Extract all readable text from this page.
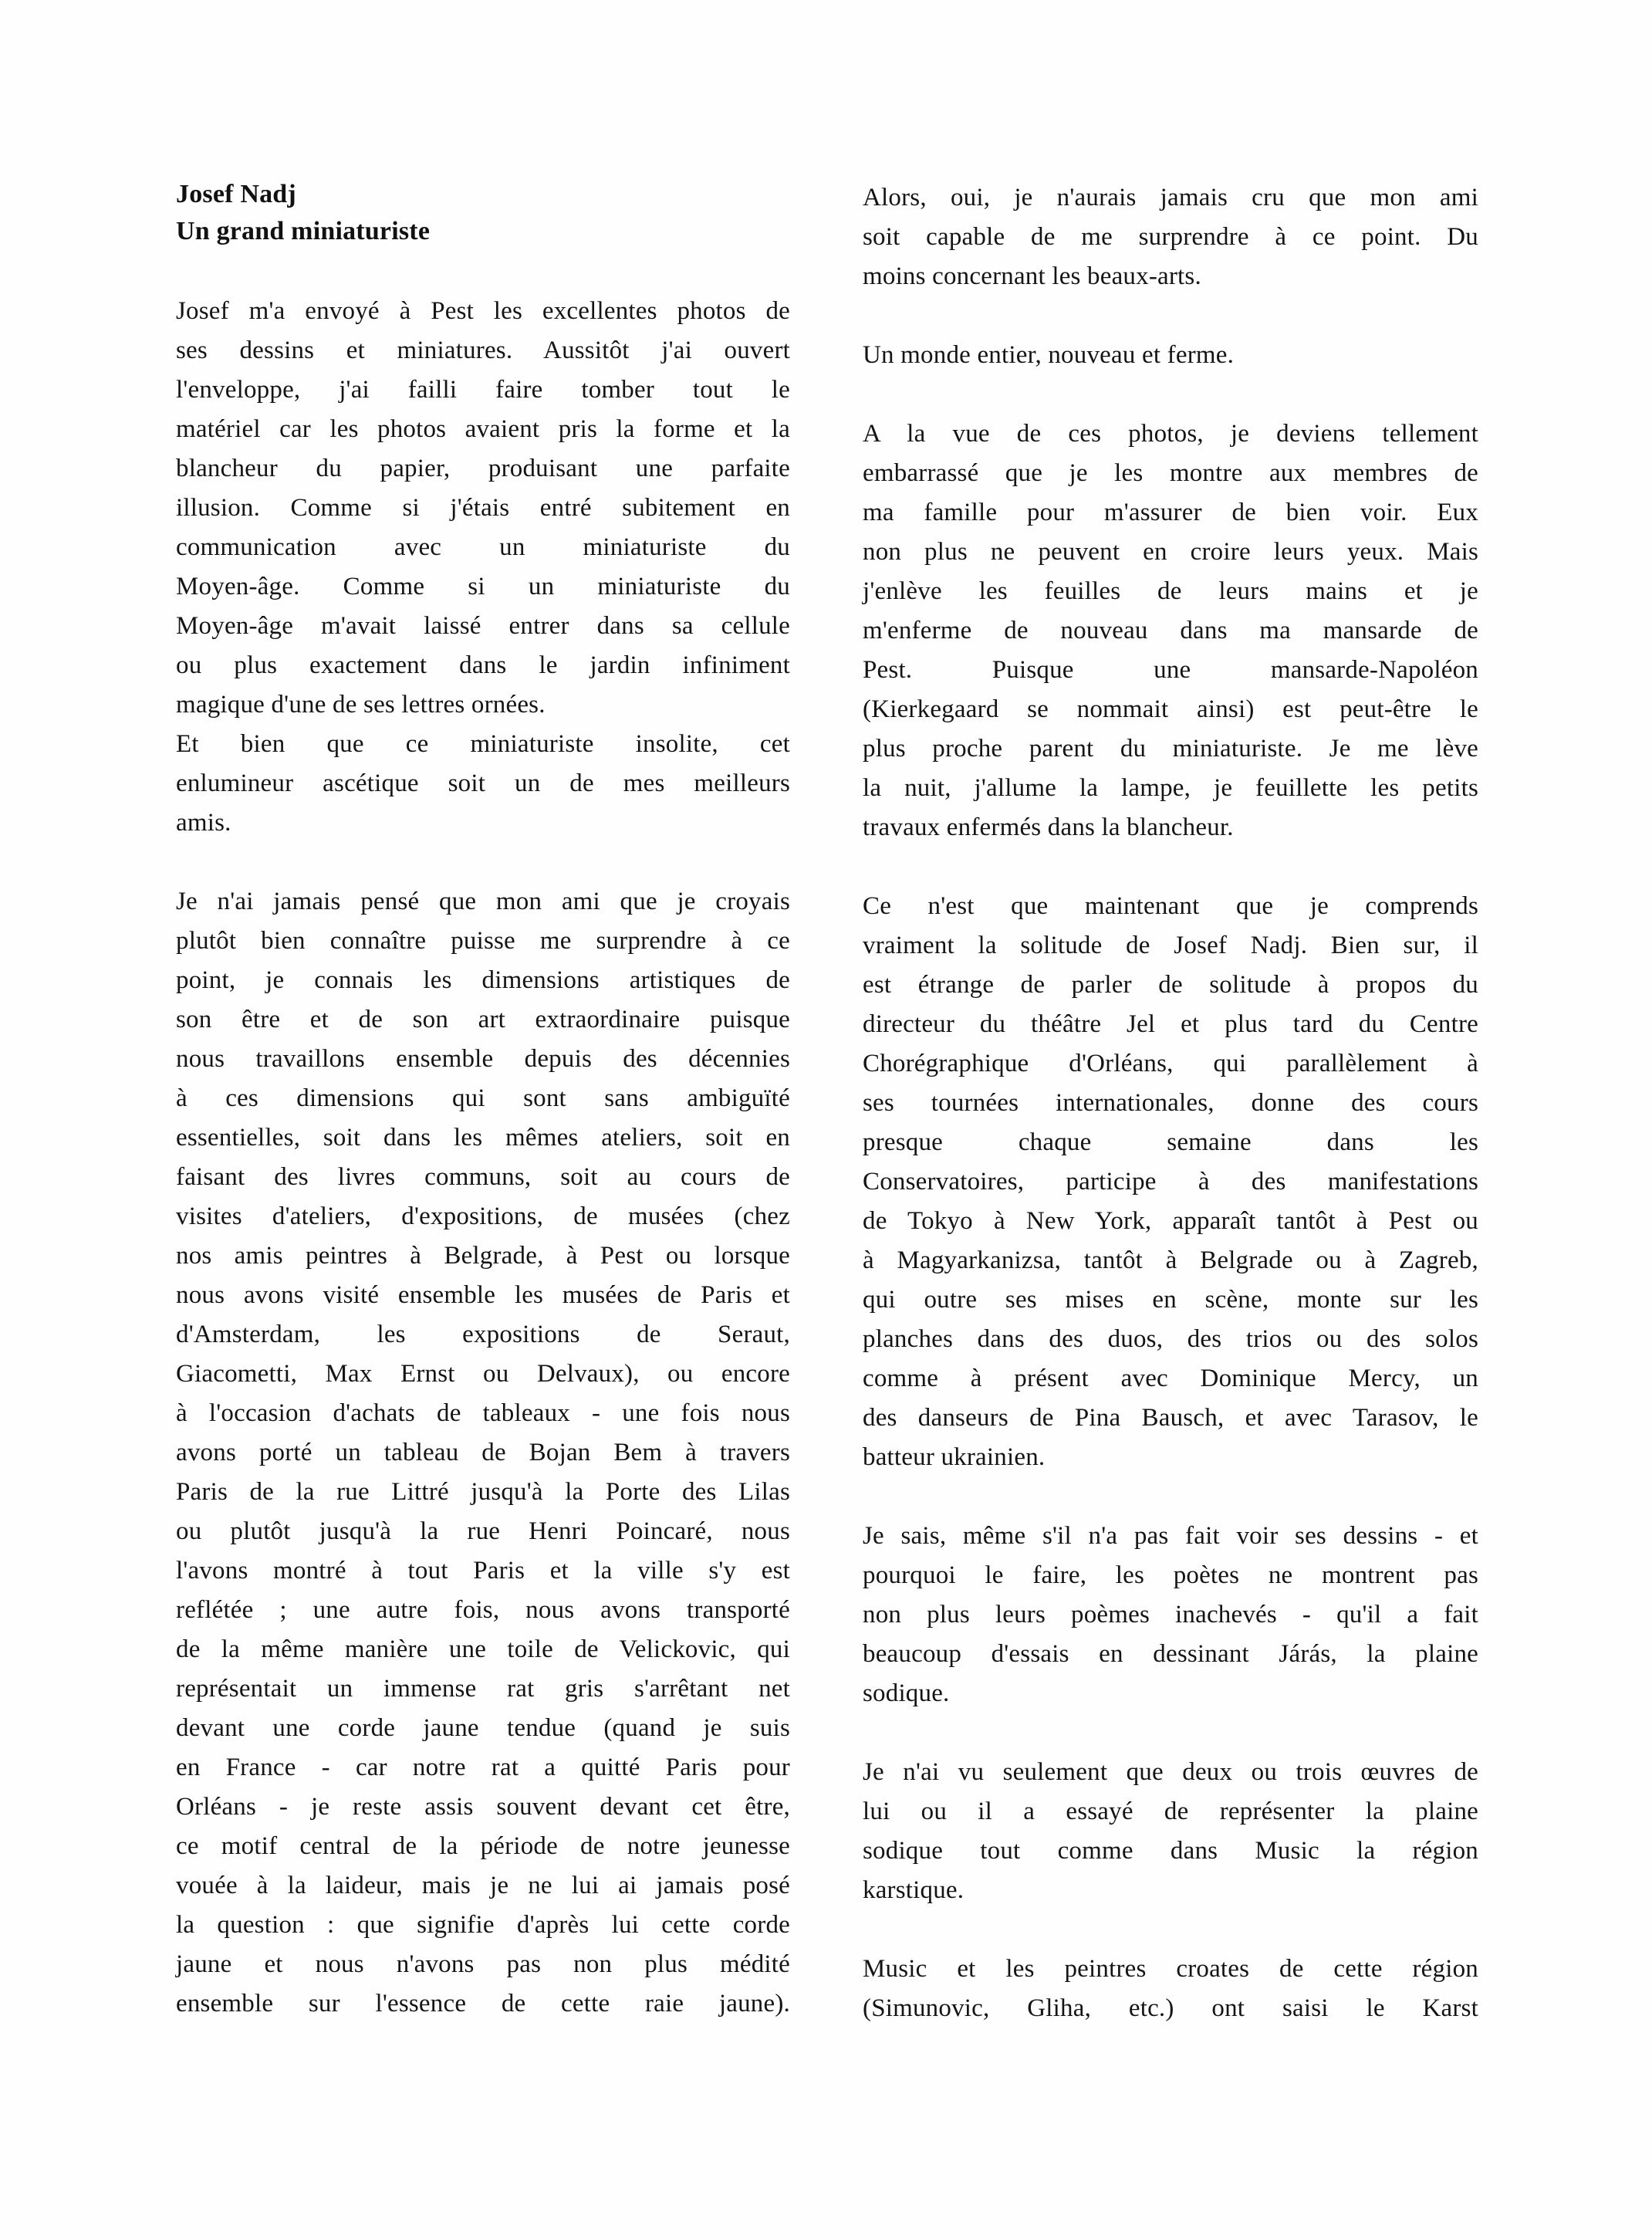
Josef Nadj

Un grand miniaturiste

Josef m'a envoyé à Pest les excellentes photos de
ses dessins et miniatures. Aussitôt j'ai ouvert
l'enveloppe, j'ai failli faire tomber tout le
matériel car les photos avaient pris la forme et la
blancheur du papier, produisant une parfaite
illusion. Comme si j'étais entré subitement en
communication avec un miniaturiste du
Moyen-âge. Comme si un miniaturiste du
Moyen-âge m'avait laissé entrer dans sa cellule
ou plus exactement dans le jardin infiniment
magique d'une de ses lettres ornées.
Et bien que ce miniaturiste insolite, cet
enlumineur ascétique soit un de mes meilleurs
amis.
Je n'ai jamais pensé que mon ami que je croyais
plutôt bien connaître puisse me surprendre à ce
point, je connais les dimensions artistiques de
son être et de son art extraordinaire puisque
nous travaillons ensemble depuis des décennies
à ces dimensions qui sont sans ambiguïté
essentielles, soit dans les mêmes ateliers, soit en
faisant des livres communs, soit au cours de
visites d'ateliers, d'expositions, de musées (chez
nos amis peintres à Belgrade, à Pest ou lorsque
nous avons visité ensemble les musées de Paris et
d'Amsterdam, les expositions de Seraut,
Giacometti, Max Ernst ou Delvaux), ou encore
à l'occasion d'achats de tableaux - une fois nous
avons porté un tableau de Bojan Bem à travers
Paris de la rue Littré jusqu'à la Porte des Lilas
ou plutôt jusqu'à la rue Henri Poincaré, nous
l'avons montré à tout Paris et la ville s'y est
reflétée ; une autre fois, nous avons transporté
de la même manière une toile de Velickovic, qui
représentait un immense rat gris s'arrêtant net
devant une corde jaune tendue (quand je suis
en France - car notre rat a quitté Paris pour
Orléans - je reste assis souvent devant cet être,
ce motif central de la période de notre jeunesse
vouée à la laideur, mais je ne lui ai jamais posé
la question : que signifie d'après lui cette corde
jaune et nous n'avons pas non plus médité
ensemble sur l'essence de cette raie jaune).
Alors, oui, je n'aurais jamais cru que mon ami
soit capable de me surprendre à ce point. Du
moins concernant les beaux-arts.
Un monde entier, nouveau et ferme.
A la vue de ces photos, je deviens tellement
embarrassé que je les montre aux membres de
ma famille pour m'assurer de bien voir. Eux
non plus ne peuvent en croire leurs yeux. Mais
j'enlève les feuilles de leurs mains et je
m'enferme de nouveau dans ma mansarde de
Pest. Puisque une mansarde-Napoléon
(Kierkegaard se nommait ainsi) est peut-être le
plus proche parent du miniaturiste. Je me lève
la nuit, j'allume la lampe, je feuillette les petits
travaux enfermés dans la blancheur.
Ce n'est que maintenant que je comprends
vraiment la solitude de Josef Nadj. Bien sur, il
est étrange de parler de solitude à propos du
directeur du théâtre Jel et plus tard du Centre
Chorégraphique d'Orléans, qui parallèlement à
ses tournées internationales, donne des cours
presque chaque semaine dans les
Conservatoires, participe à des manifestations
de Tokyo à New York, apparaît tantôt à Pest ou
à Magyarkanizsa, tantôt à Belgrade ou à Zagreb,
qui outre ses mises en scène, monte sur les
planches dans des duos, des trios ou des solos
comme à présent avec Dominique Mercy, un
des danseurs de Pina Bausch, et avec Tarasov, le
batteur ukrainien.
Je sais, même s'il n'a pas fait voir ses dessins - et
pourquoi le faire, les poètes ne montrent pas
non plus leurs poèmes inachevés - qu'il a fait
beaucoup d'essais en dessinant Járás, la plaine
sodique.
Je n'ai vu seulement que deux ou trois œuvres de
lui ou il a essayé de représenter la plaine
sodique tout comme dans Music la région
karstique.
Music et les peintres croates de cette région
(Simunovic, Gliha, etc.) ont saisi le Karst
